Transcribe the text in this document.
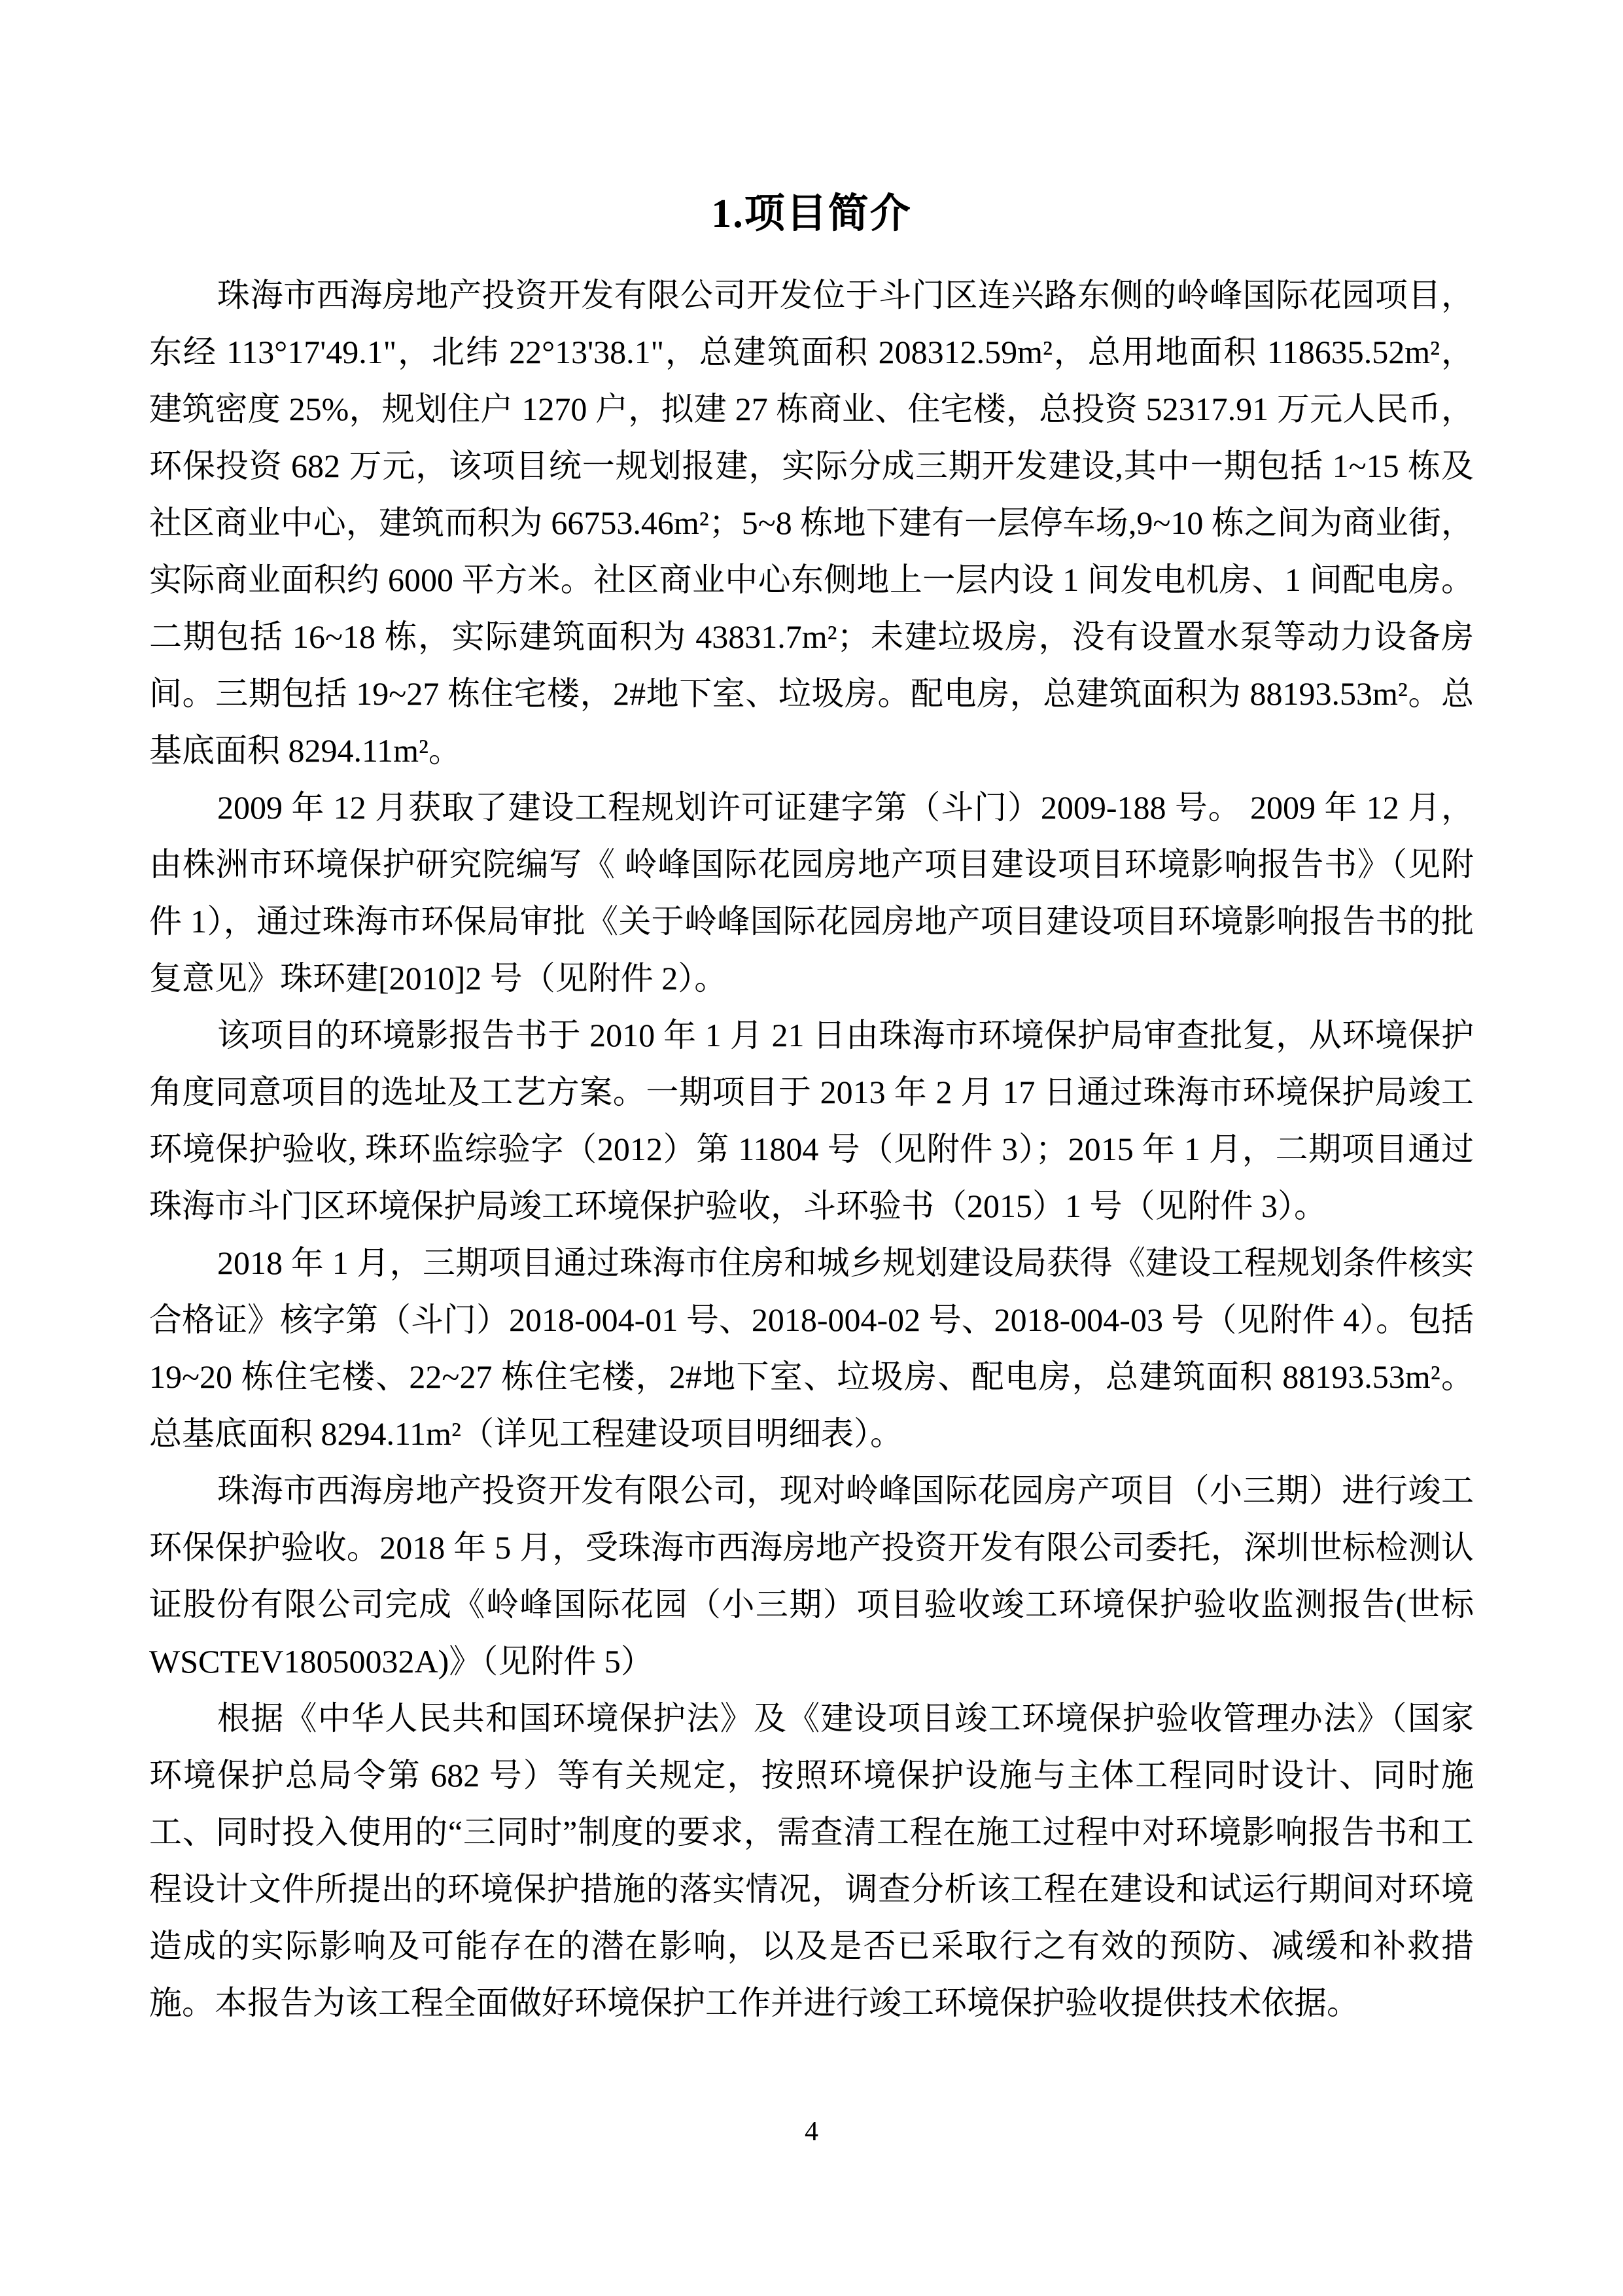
1.项目简介

珠海市西海房地产投资开发有限公司开发位于斗门区连兴路东侧的岭峰国际花园项目，东经 113°17'49.1"，北纬 22°13'38.1"，总建筑面积 208312.59m²，总用地面积 118635.52m²，建筑密度 25%，规划住户 1270 户，拟建 27 栋商业、住宅楼，总投资 52317.91 万元人民币，环保投资 682 万元，该项目统一规划报建，实际分成三期开发建设,其中一期包括 1~15 栋及社区商业中心，建筑而积为 66753.46m²；5~8 栋地下建有一层停车场,9~10 栋之间为商业街，实际商业面积约 6000 平方米。社区商业中心东侧地上一层内设 1 间发电机房、1 间配电房。二期包括 16~18 栋，实际建筑面积为 43831.7m²；未建垃圾房，没有设置水泵等动力设备房间。三期包括 19~27 栋住宅楼，2#地下室、垃圾房。配电房，总建筑面积为 88193.53m²。总基底面积 8294.11m²。

2009 年 12 月获取了建设工程规划许可证建字第（斗门）2009-188 号。 2009 年 12 月，由株洲市环境保护研究院编写《 岭峰国际花园房地产项目建设项目环境影响报告书》（见附件 1），通过珠海市环保局审批《关于岭峰国际花园房地产项目建设项目环境影响报告书的批复意见》珠环建[2010]2 号（见附件 2）。

该项目的环境影报告书于 2010 年 1 月 21 日由珠海市环境保护局审查批复，从环境保护角度同意项目的选址及工艺方案。一期项目于 2013 年 2 月 17 日通过珠海市环境保护局竣工环境保护验收, 珠环监综验字（2012）第 11804 号（见附件 3）；2015 年 1 月，二期项目通过珠海市斗门区环境保护局竣工环境保护验收，斗环验书（2015）1 号（见附件 3）。

2018 年 1 月，三期项目通过珠海市住房和城乡规划建设局获得《建设工程规划条件核实合格证》核字第（斗门）2018-004-01 号、2018-004-02 号、2018-004-03 号（见附件 4）。包括 19~20 栋住宅楼、22~27 栋住宅楼，2#地下室、垃圾房、配电房，总建筑面积 88193.53m²。总基底面积 8294.11m²（详见工程建设项目明细表）。

珠海市西海房地产投资开发有限公司，现对岭峰国际花园房产项目（小三期）进行竣工环保保护验收。2018 年 5 月，受珠海市西海房地产投资开发有限公司委托，深圳世标检测认证股份有限公司完成《岭峰国际花园（小三期）项目验收竣工环境保护验收监测报告(世标WSCTEV18050032A)》（见附件 5）

根据《中华人民共和国环境保护法》及《建设项目竣工环境保护验收管理办法》（国家环境保护总局令第 682 号）等有关规定，按照环境保护设施与主体工程同时设计、同时施工、同时投入使用的“三同时”制度的要求，需查清工程在施工过程中对环境影响报告书和工程设计文件所提出的环境保护措施的落实情况，调查分析该工程在建设和试运行期间对环境造成的实际影响及可能存在的潜在影响，以及是否已采取行之有效的预防、减缓和补救措施。本报告为该工程全面做好环境保护工作并进行竣工环境保护验收提供技术依据。

4
